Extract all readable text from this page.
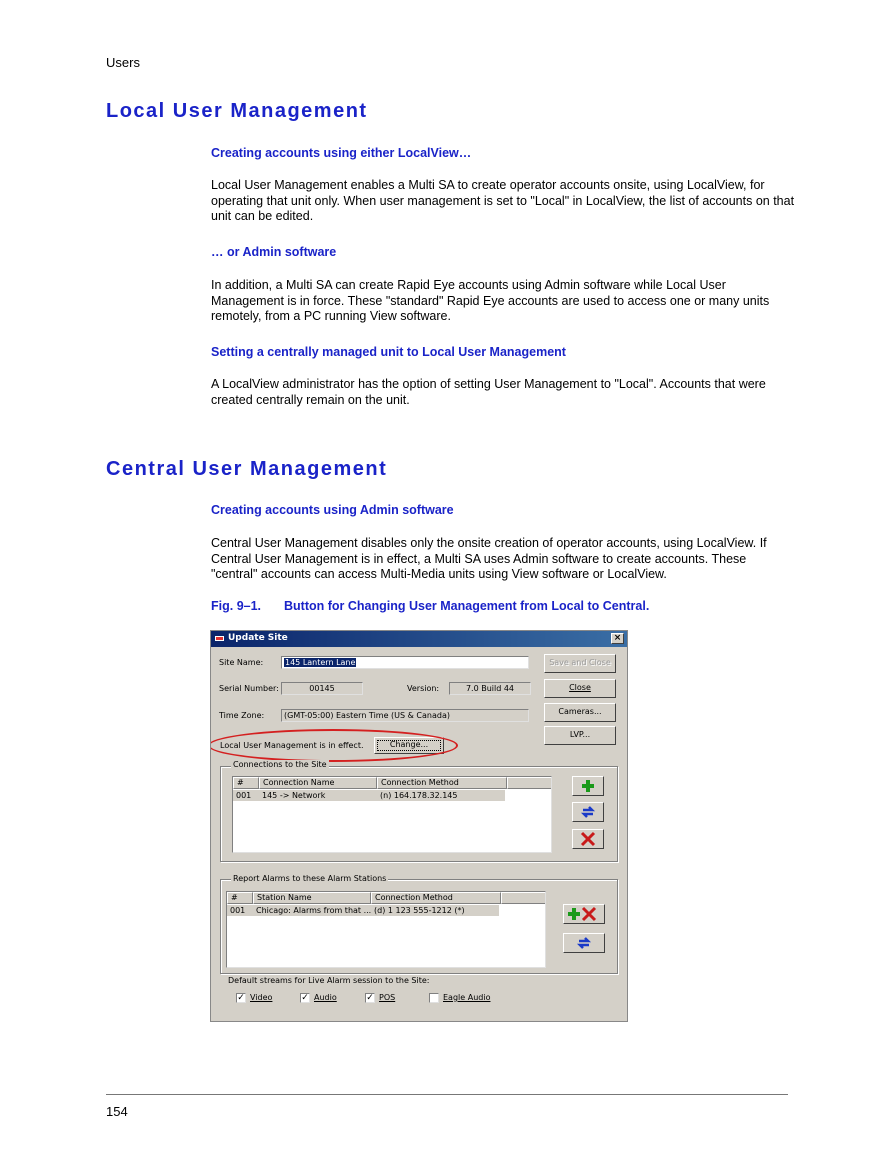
Users
Local User Management
Creating accounts using either LocalView…

Local User Management enables a Multi SA to create operator accounts onsite, using LocalView, for operating that unit only. When user management is set to "Local" in LocalView, the list of accounts on that unit can be edited.

… or Admin software

In addition, a Multi SA can create Rapid Eye accounts using Admin software while Local User Management is in force. These "standard" Rapid Eye accounts are used to access one or many units remotely, from a PC running View software.

Setting a centrally managed unit to Local User Management

A LocalView administrator has the option of setting User Management to "Local". Accounts that were created centrally remain on the unit.

Central User Management
Creating accounts using Admin software

Central User Management disables only the onsite creation of operator accounts, using LocalView. If Central User Management is in effect, a Multi SA uses Admin software to create accounts. These "central" accounts can access Multi-Media units using View software or LocalView.

Fig. 9–1. Button for Changing User Management from Local to Central.
Update Site	×
Site Name:	145 Lantern Lane
Serial Number:	00145	Version:	7.0 Build 44
Time Zone:	(GMT-05:00) Eastern Time (US & Canada)
Local User Management is in effect.	Change...
Save and Close
Close
Cameras...
LVP...
Connections to the Site
#	Connection Name	Connection Method
001	145 -> Network	(n) 164.178.32.145
Report Alarms to these Alarm Stations
#	Station Name	Connection Method
001	Chicago: Alarms from that ... (d) 1 123 555-1212 (*)
Default streams for Live Alarm session to the Site:
✓ Video	✓ Audio	✓ POS	Eagle Audio
154
